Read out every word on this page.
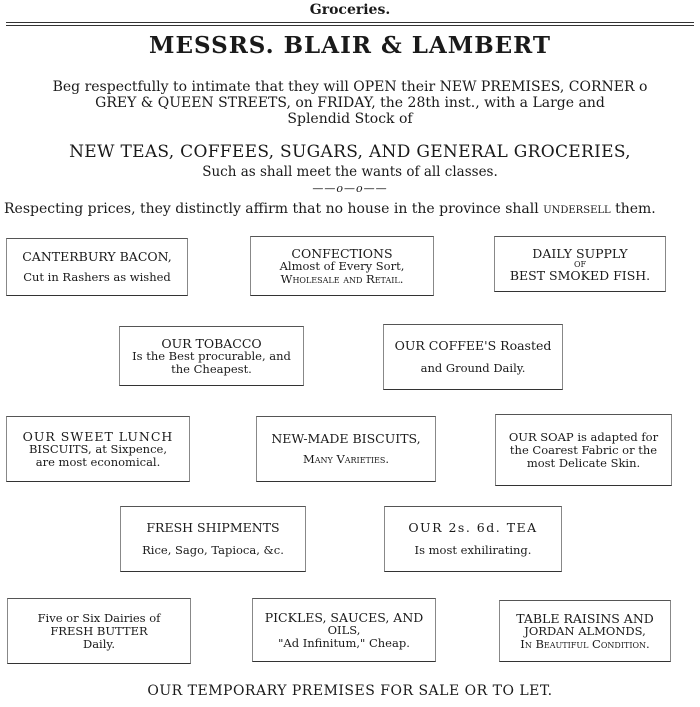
Groceries.
MESSRS. BLAIR & LAMBERT
Beg respectfully to intimate that they will OPEN their NEW PREMISES, CORNER o
GREY & QUEEN STREETS, on FRIDAY, the 28th inst., with a Large and
Splendid Stock of
NEW TEAS, COFFEES, SUGARS, AND GENERAL GROCERIES,
Such as shall meet the wants of all classes.
——o—o——
Respecting prices, they distinctly affirm that no house in the province shall undersell them.
CANTERBURY BACON,
Cut in Rashers as wished
CONFECTIONS
Almost of Every Sort,
Wholesale and Retail.
DAILY SUPPLY
OF
BEST SMOKED FISH.
OUR TOBACCO
Is the Best procurable, and
the Cheapest.
OUR COFFEE'S Roasted
and Ground Daily.
OUR SWEET LUNCH
BISCUITS, at Sixpence,
are most economical.
NEW-MADE BISCUITS,
Many Varieties.
OUR SOAP is adapted for
the Coarest Fabric or the
most Delicate Skin.
FRESH SHIPMENTS
Rice, Sago, Tapioca, &c.
OUR 2s. 6d. TEA
Is most exhilirating.
Five or Six Dairies of
FRESH BUTTER
Daily.
PICKLES, SAUCES, AND
OILS,
"Ad Infinitum," Cheap.
TABLE RAISINS AND
JORDAN ALMONDS,
In Beautiful Condition.
OUR TEMPORARY PREMISES FOR SALE OR TO LET.
